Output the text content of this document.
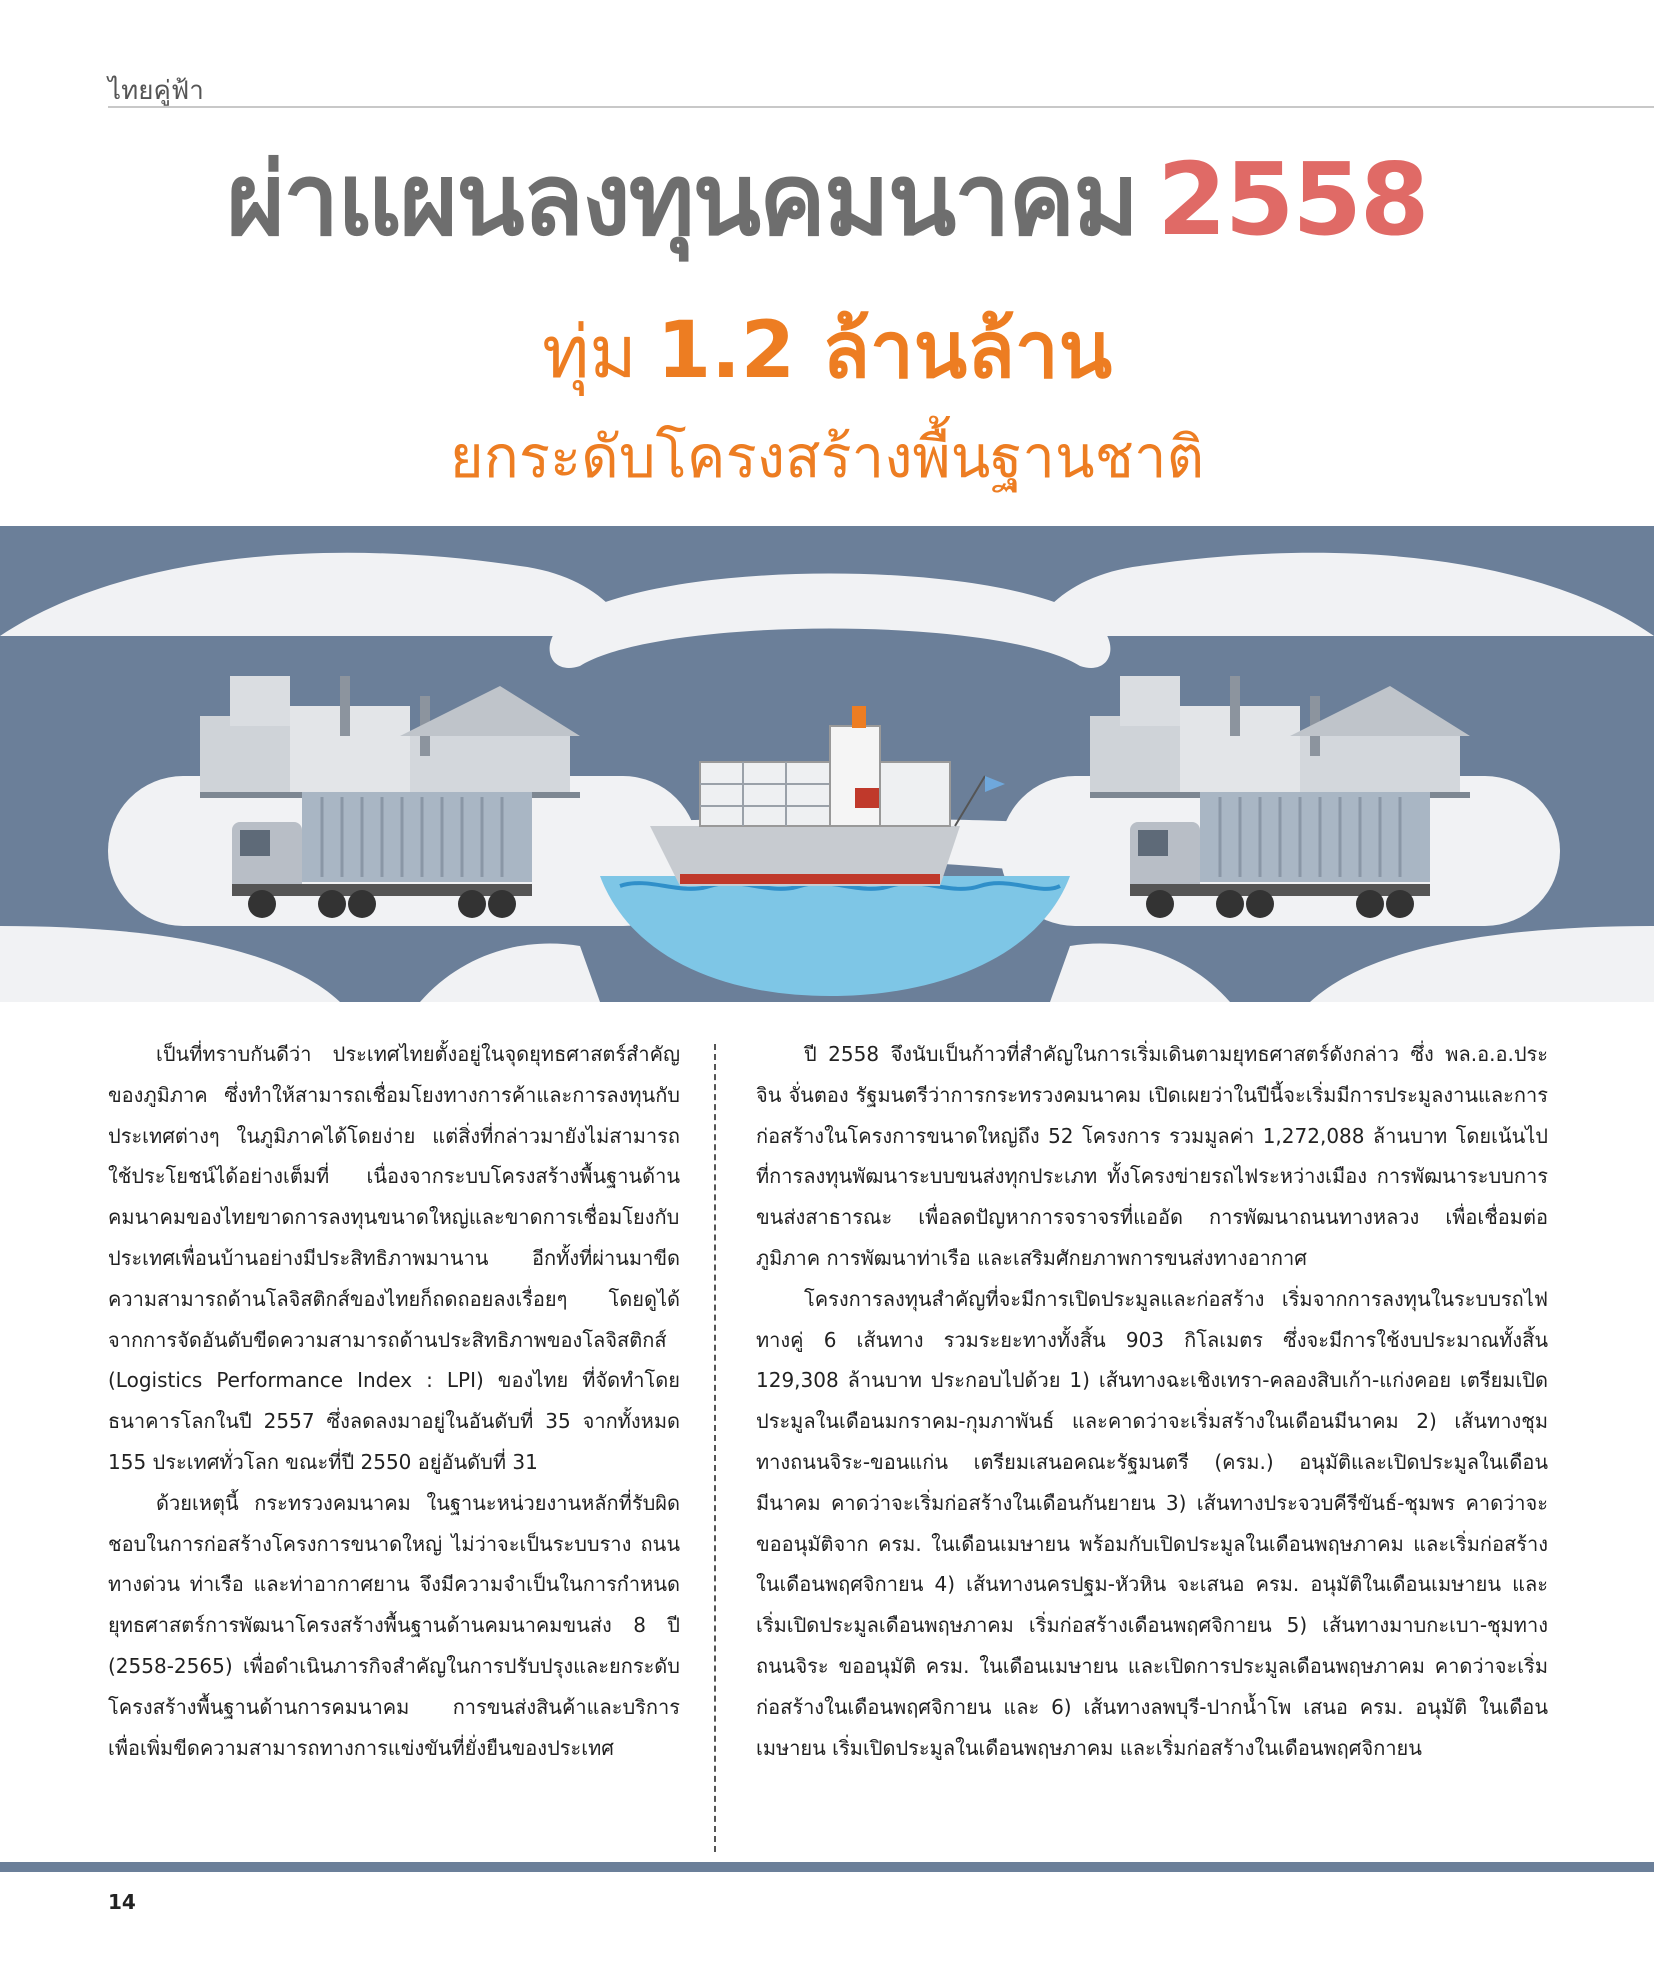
ไทยคู่ฟ้า
ผ่าแผนลงทุนคมนาคม 2558
ทุ่ม 1.2 ล้านล้าน
ยกระดับโครงสร้างพื้นฐานชาติ

เป็นที่ทราบกันดีว่า ประเทศไทยตั้งอยู่ในจุดยุทธศาสตร์สำคัญของภูมิภาค ซึ่งทำให้สามารถเชื่อมโยงทางการค้าและการลงทุนกับประเทศต่างๆ ในภูมิภาคได้โดยง่าย แต่สิ่งที่กล่าวมายังไม่สามารถใช้ประโยชน์ได้อย่างเต็มที่ เนื่องจากระบบโครงสร้างพื้นฐานด้านคมนาคมของไทยขาดการลงทุนขนาดใหญ่และขาดการเชื่อมโยงกับประเทศเพื่อนบ้านอย่างมีประสิทธิภาพมานาน อีกทั้งที่ผ่านมาขีดความสามารถด้านโลจิสติกส์ของไทยก็ถดถอยลงเรื่อยๆ โดยดูได้จากการจัดอันดับขีดความสามารถด้านประสิทธิภาพของโลจิสติกส์ (Logistics Performance Index : LPI) ของไทย ที่จัดทำโดยธนาคารโลกในปี 2557 ซึ่งลดลงมาอยู่ในอันดับที่ 35 จากทั้งหมด 155 ประเทศทั่วโลก ขณะที่ปี 2550 อยู่อันดับที่ 31

ด้วยเหตุนี้ กระทรวงคมนาคม ในฐานะหน่วยงานหลักที่รับผิดชอบในการก่อสร้างโครงการขนาดใหญ่ ไม่ว่าจะเป็นระบบราง ถนน ทางด่วน ท่าเรือ และท่าอากาศยาน จึงมีความจำเป็นในการกำหนดยุทธศาสตร์การพัฒนาโครงสร้างพื้นฐานด้านคมนาคมขนส่ง 8 ปี (2558-2565) เพื่อดำเนินภารกิจสำคัญในการปรับปรุงและยกระดับโครงสร้างพื้นฐานด้านการคมนาคม การขนส่งสินค้าและบริการ เพื่อเพิ่มขีดความสามารถทางการแข่งขันที่ยั่งยืนของประเทศ

ปี 2558 จึงนับเป็นก้าวที่สำคัญในการเริ่มเดินตามยุทธศาสตร์ดังกล่าว ซึ่ง พล.อ.อ.ประจิน จั่นตอง รัฐมนตรีว่าการกระทรวงคมนาคม เปิดเผยว่าในปีนี้จะเริ่มมีการประมูลงานและการก่อสร้างในโครงการขนาดใหญ่ถึง 52 โครงการ รวมมูลค่า 1,272,088 ล้านบาท โดยเน้นไปที่การลงทุนพัฒนาระบบขนส่งทุกประเภท ทั้งโครงข่ายรถไฟระหว่างเมือง การพัฒนาระบบการขนส่งสาธารณะ เพื่อลดปัญหาการจราจรที่แออัด การพัฒนาถนนทางหลวง เพื่อเชื่อมต่อภูมิภาค การพัฒนาท่าเรือ และเสริมศักยภาพการขนส่งทางอากาศ

โครงการลงทุนสำคัญที่จะมีการเปิดประมูลและก่อสร้าง เริ่มจากการลงทุนในระบบรถไฟทางคู่ 6 เส้นทาง รวมระยะทางทั้งสิ้น 903 กิโลเมตร ซึ่งจะมีการใช้งบประมาณทั้งสิ้น 129,308 ล้านบาท ประกอบไปด้วย 1) เส้นทางฉะเชิงเทรา-คลองสิบเก้า-แก่งคอย เตรียมเปิดประมูลในเดือนมกราคม-กุมภาพันธ์ และคาดว่าจะเริ่มสร้างในเดือนมีนาคม 2) เส้นทางชุมทางถนนจิระ-ขอนแก่น เตรียมเสนอคณะรัฐมนตรี (ครม.) อนุมัติและเปิดประมูลในเดือนมีนาคม คาดว่าจะเริ่มก่อสร้างในเดือนกันยายน 3) เส้นทางประจวบคีรีขันธ์-ชุมพร คาดว่าจะขออนุมัติจาก ครม. ในเดือนเมษายน พร้อมกับเปิดประมูลในเดือนพฤษภาคม และเริ่มก่อสร้างในเดือนพฤศจิกายน 4) เส้นทางนครปฐม-หัวหิน จะเสนอ ครม. อนุมัติในเดือนเมษายน และเริ่มเปิดประมูลเดือนพฤษภาคม เริ่มก่อสร้างเดือนพฤศจิกายน 5) เส้นทางมาบกะเบา-ชุมทางถนนจิระ ขออนุมัติ ครม. ในเดือนเมษายน และเปิดการประมูลเดือนพฤษภาคม คาดว่าจะเริ่มก่อสร้างในเดือนพฤศจิกายน และ 6) เส้นทางลพบุรี-ปากน้ำโพ เสนอ ครม. อนุมัติ ในเดือนเมษายน เริ่มเปิดประมูลในเดือนพฤษภาคม และเริ่มก่อสร้างในเดือนพฤศจิกายน

14
